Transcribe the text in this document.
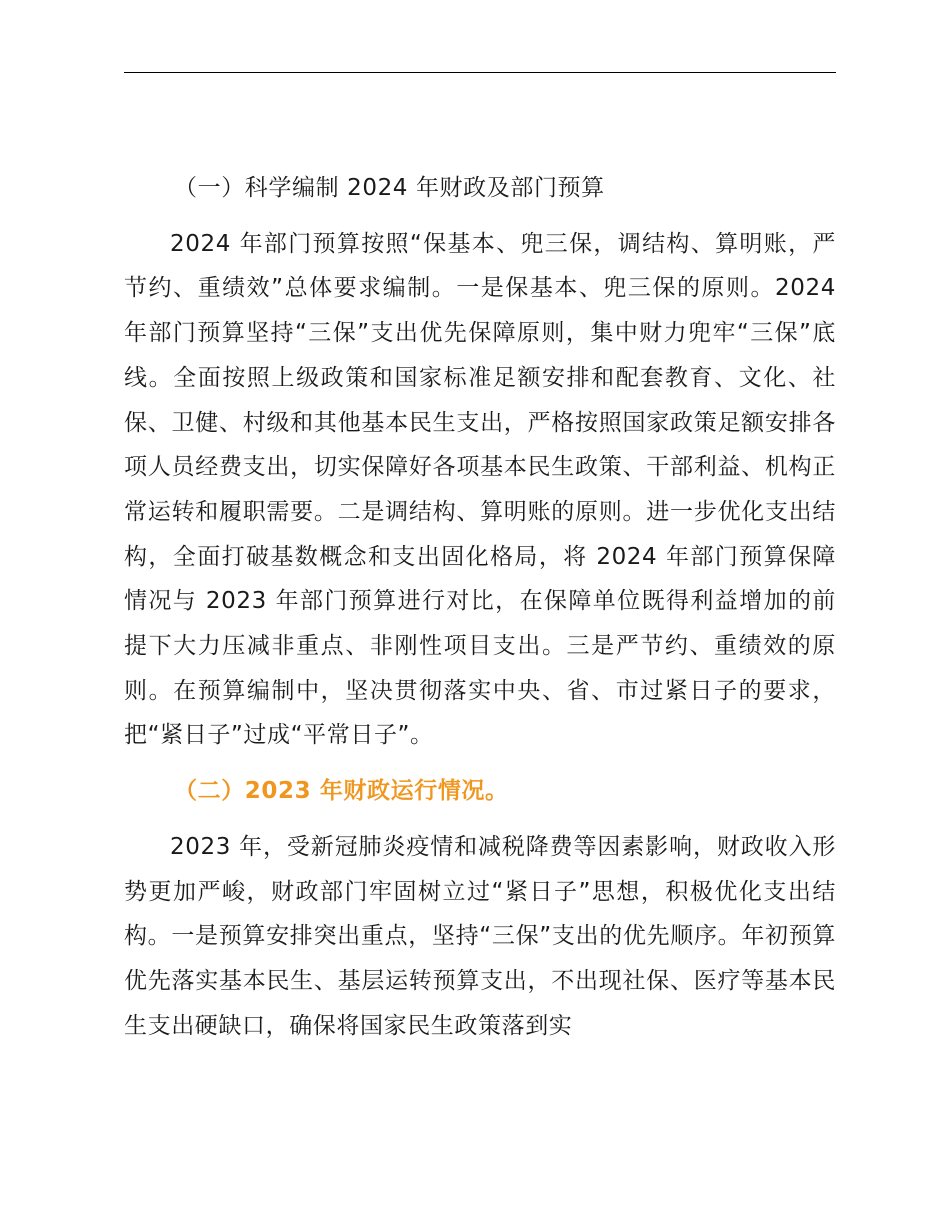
（一）科学编制 2024 年财政及部门预算

2024 年部门预算按照“保基本、兜三保，调结构、算明账，严节约、重绩效”总体要求编制。一是保基本、兜三保的原则。2024 年部门预算坚持“三保”支出优先保障原则，集中财力兜牢“三保”底线。全面按照上级政策和国家标准足额安排和配套教育、文化、社保、卫健、村级和其他基本民生支出，严格按照国家政策足额安排各项人员经费支出，切实保障好各项基本民生政策、干部利益、机构正常运转和履职需要。二是调结构、算明账的原则。进一步优化支出结构，全面打破基数概念和支出固化格局，将 2024 年部门预算保障情况与 2023 年部门预算进行对比，在保障单位既得利益增加的前提下大力压减非重点、非刚性项目支出。三是严节约、重绩效的原则。在预算编制中，坚决贯彻落实中央、省、市过紧日子的要求，把“紧日子”过成“平常日子”。

（二）2023 年财政运行情况。

2023 年，受新冠肺炎疫情和减税降费等因素影响，财政收入形势更加严峻，财政部门牢固树立过“紧日子”思想，积极优化支出结构。一是预算安排突出重点，坚持“三保”支出的优先顺序。年初预算优先落实基本民生、基层运转预算支出，不出现社保、医疗等基本民生支出硬缺口，确保将国家民生政策落到实
